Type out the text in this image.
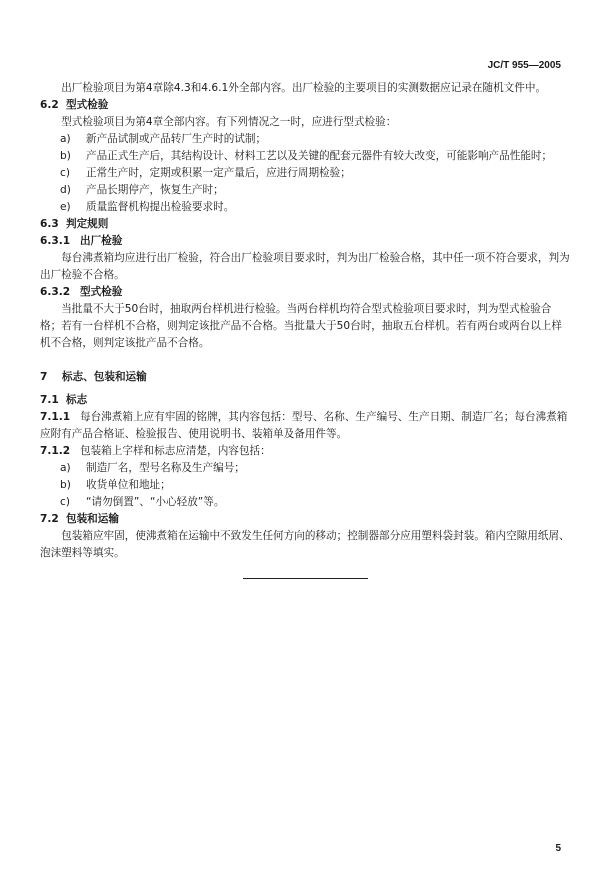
JC/T 955—2005

出厂检验项目为第4章除4.3和4.6.1外全部内容。出厂检验的主要项目的实测数据应记录在随机文件中。

6.2 型式检验

型式检验项目为第4章全部内容。有下列情况之一时，应进行型式检验：

a)	新产品试制或产品转厂生产时的试制；
b)	产品正式生产后，其结构设计、材料工艺以及关键的配套元器件有较大改变，可能影响产品性能时；
c)	正常生产时，定期或积累一定产量后，应进行周期检验；
d)	产品长期停产，恢复生产时；
e)	质量监督机构提出检验要求时。

6.3 判定规则

6.3.1 出厂检验

每台沸煮箱均应进行出厂检验，符合出厂检验项目要求时，判为出厂检验合格，其中任一项不符合要求，判为出厂检验不合格。

6.3.2 型式检验

当批量不大于50台时，抽取两台样机进行检验。当两台样机均符合型式检验项目要求时，判为型式检验合格；若有一台样机不合格，则判定该批产品不合格。当批量大于50台时，抽取五台样机。若有两台或两台以上样机不合格，则判定该批产品不合格。

7 标志、包装和运输

7.1 标志

7.1.1 每台沸煮箱上应有牢固的铭牌，其内容包括：型号、名称、生产编号、生产日期、制造厂名；每台沸煮箱应附有产品合格证、检验报告、使用说明书、装箱单及备用件等。

7.1.2 包装箱上字样和标志应清楚，内容包括：

a)	制造厂名，型号名称及生产编号；
b)	收货单位和地址；
c)	“请勿倒置”、“小心轻放”等。

7.2 包装和运输

包装箱应牢固，使沸煮箱在运输中不致发生任何方向的移动；控制器部分应用塑料袋封装。箱内空隙用纸屑、泡沫塑料等填实。

5
